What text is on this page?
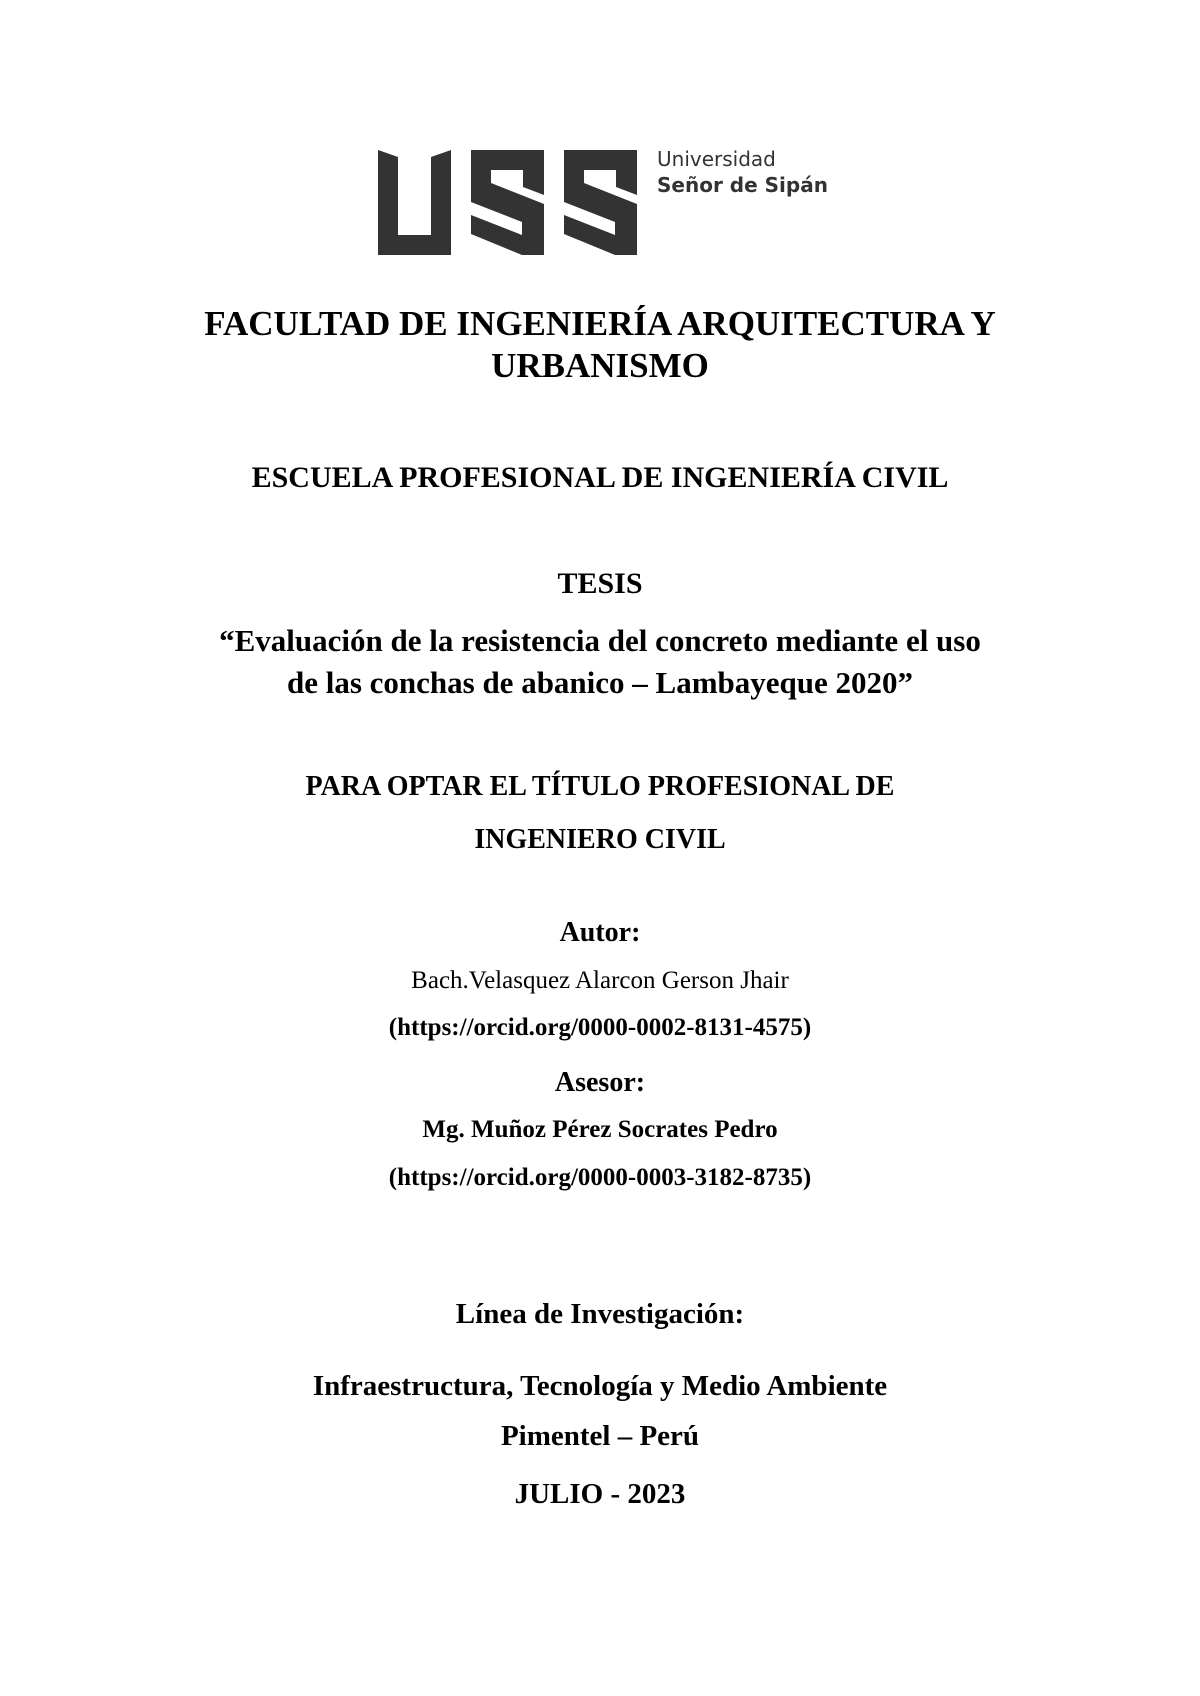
Universidad
Señor de Sipán
FACULTAD DE INGENIERÍA ARQUITECTURA Y
URBANISMO
ESCUELA PROFESIONAL DE INGENIERÍA CIVIL
TESIS
“Evaluación de la resistencia del concreto mediante el uso
de las conchas de abanico – Lambayeque 2020”
PARA OPTAR EL TÍTULO PROFESIONAL DE
INGENIERO CIVIL
Autor:
Bach.Velasquez Alarcon Gerson Jhair
(https://orcid.org/0000-0002-8131-4575)
Asesor:
Mg. Muñoz Pérez Socrates Pedro
(https://orcid.org/0000-0003-3182-8735)
Línea de Investigación:
Infraestructura, Tecnología y Medio Ambiente
Pimentel – Perú
JULIO - 2023
